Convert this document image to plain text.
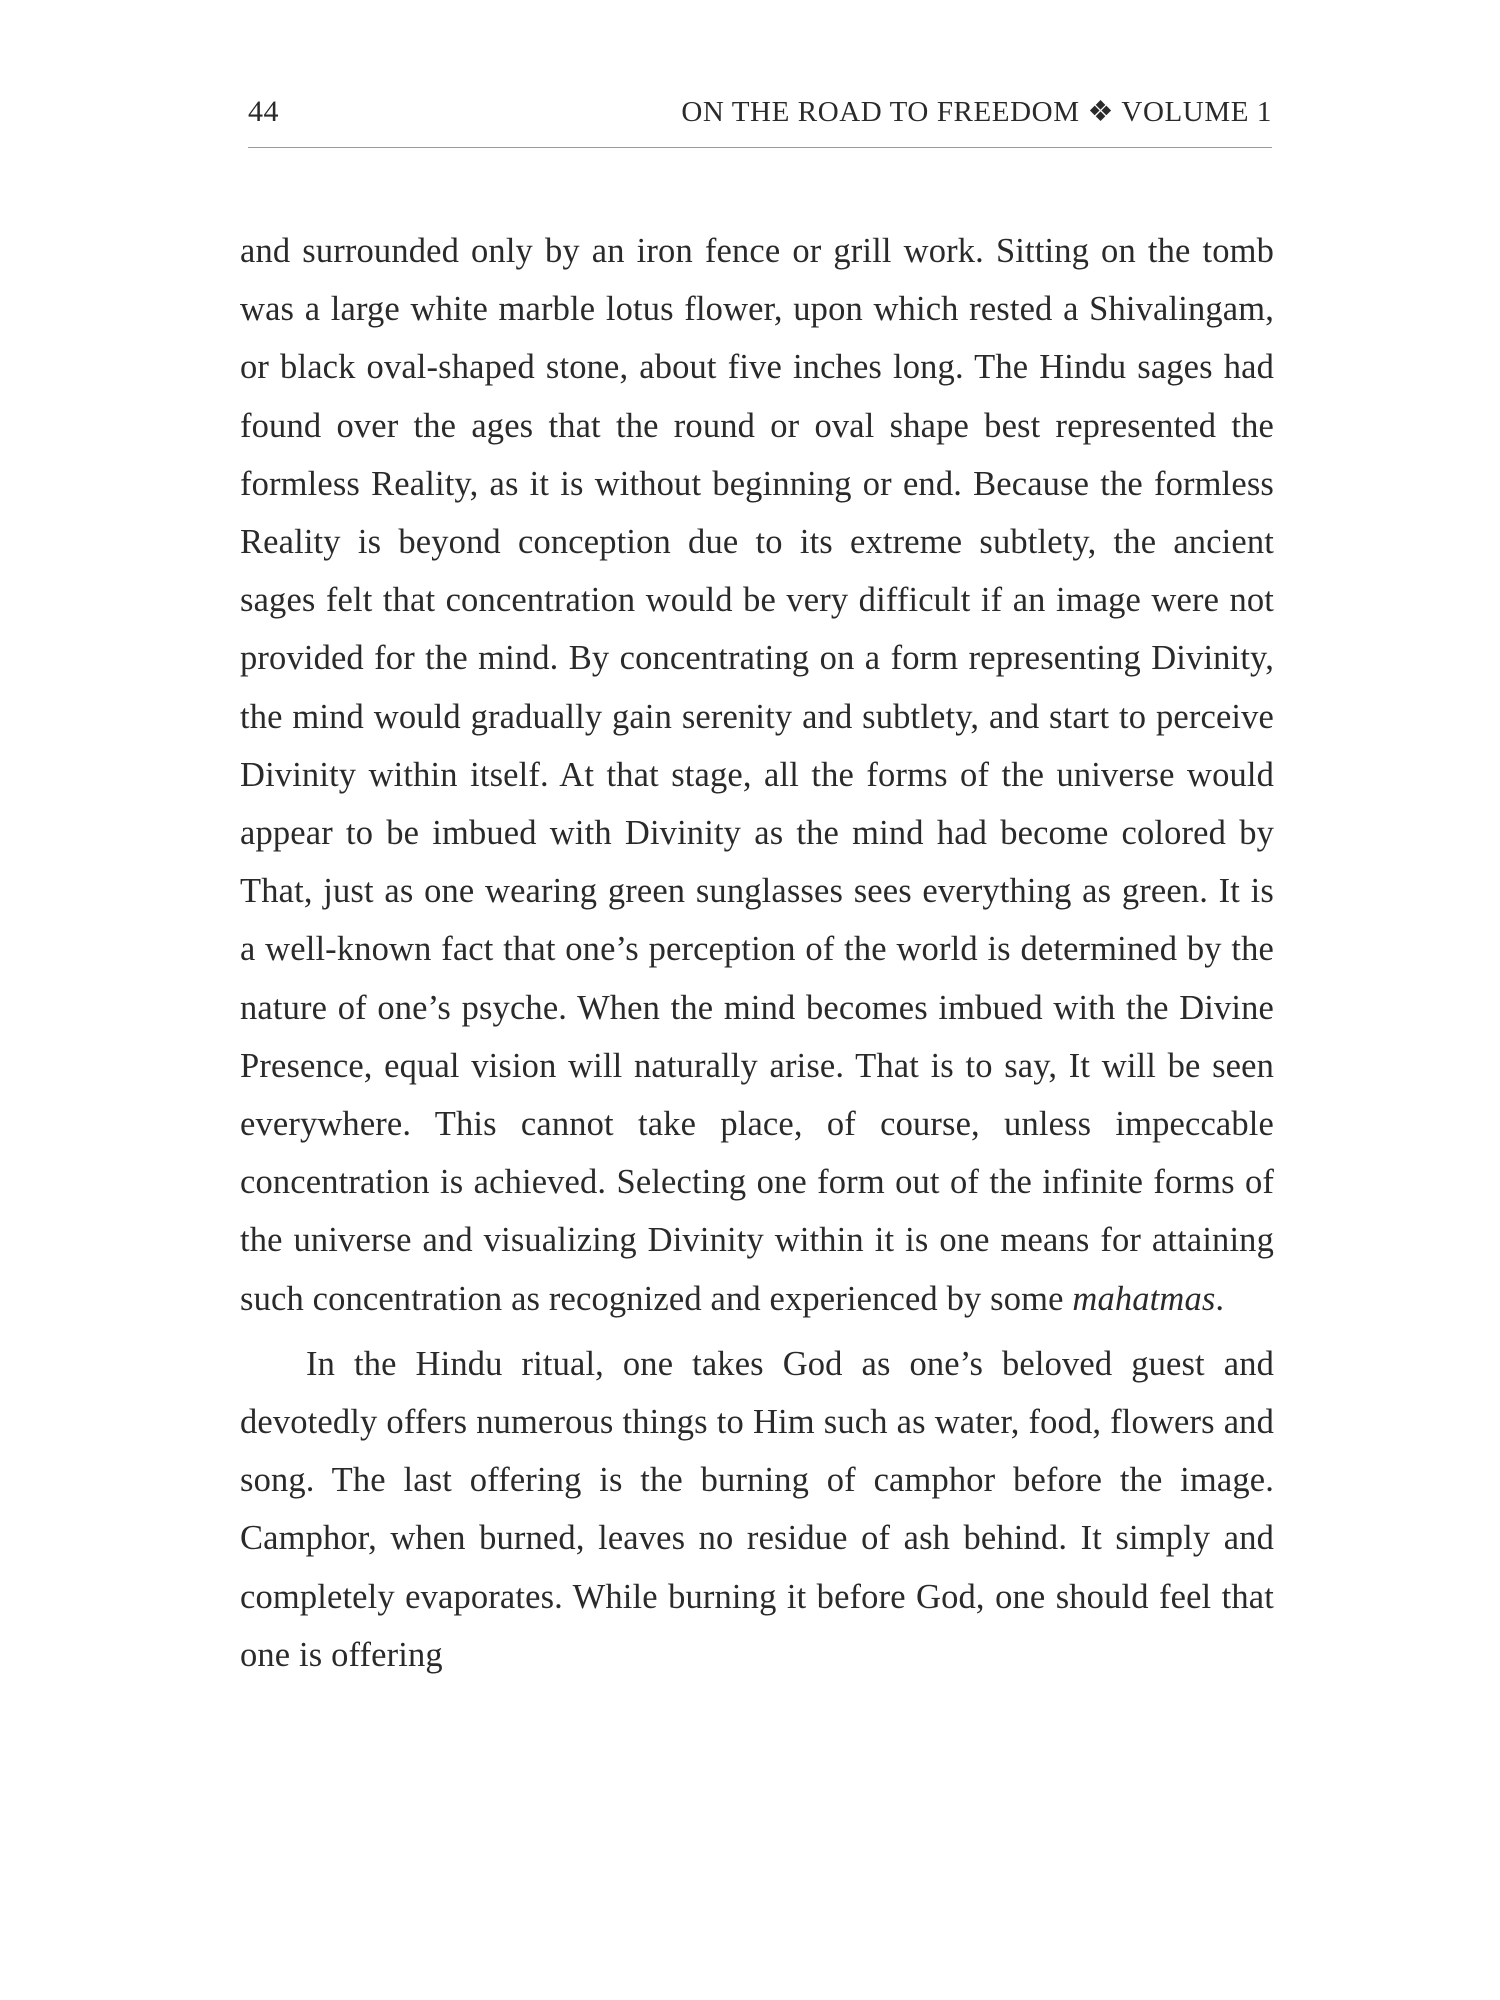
44	ON THE ROAD TO FREEDOM ❖ VOLUME 1

and surrounded only by an iron fence or grill work. Sitting on the tomb was a large white marble lotus flower, upon which rested a Shivalingam, or black oval-shaped stone, about five inches long. The Hindu sages had found over the ages that the round or oval shape best represented the formless Reality, as it is without beginning or end. Because the formless Reality is beyond conception due to its extreme subtlety, the ancient sages felt that concentration would be very difficult if an image were not provided for the mind. By concentrating on a form representing Divinity, the mind would gradually gain serenity and subtlety, and start to perceive Divinity within itself. At that stage, all the forms of the universe would appear to be imbued with Divinity as the mind had become colored by That, just as one wearing green sunglasses sees everything as green. It is a well-known fact that one’s perception of the world is determined by the nature of one’s psyche. When the mind becomes imbued with the Divine Presence, equal vision will naturally arise. That is to say, It will be seen everywhere. This cannot take place, of course, unless impeccable concentration is achieved. Selecting one form out of the infinite forms of the universe and visualizing Divinity within it is one means for attaining such concentration as recognized and experienced by some mahatmas.

In the Hindu ritual, one takes God as one’s beloved guest and devotedly offers numerous things to Him such as water, food, flowers and song. The last offering is the burning of camphor before the image. Camphor, when burned, leaves no residue of ash behind. It simply and completely evaporates. While burning it before God, one should feel that one is offering
